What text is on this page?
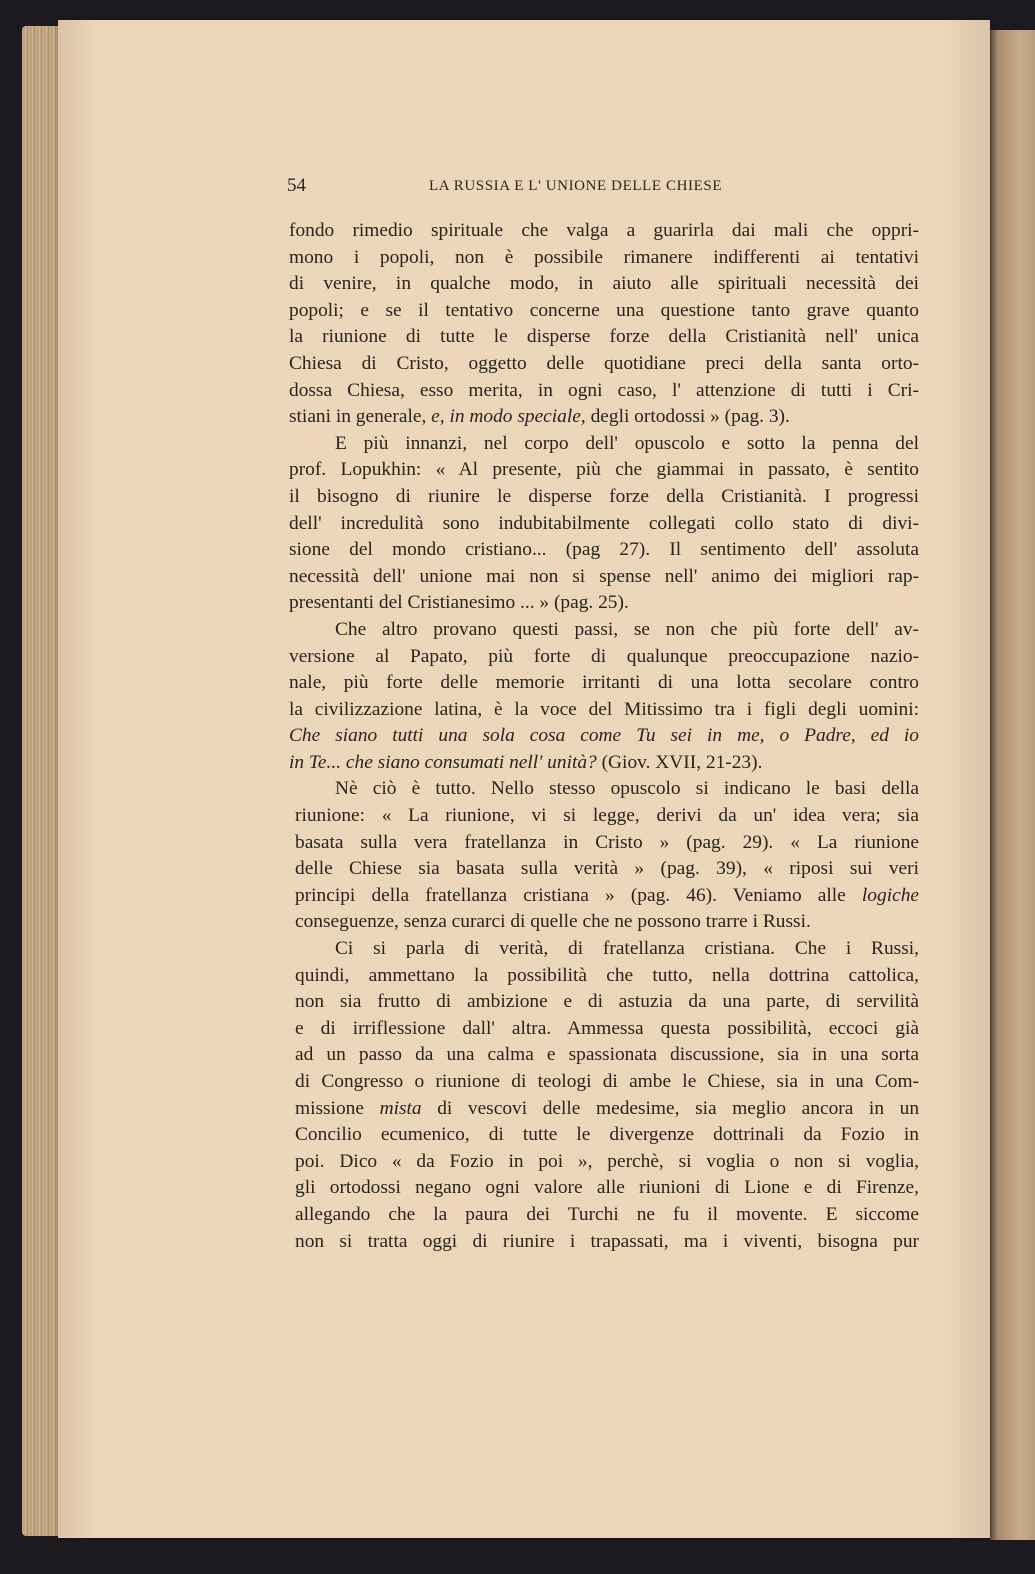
54	LA RUSSIA E L' UNIONE DELLE CHIESE
fondo rimedio spirituale che valga a guarirla dai mali che oppri-
mono i popoli, non è possibile rimanere indifferenti ai tentativi
di venire, in qualche modo, in aiuto alle spirituali necessità dei
popoli; e se il tentativo concerne una questione tanto grave quanto
la riunione di tutte le disperse forze della Cristianità nell' unica
Chiesa di Cristo, oggetto delle quotidiane preci della santa orto-
dossa Chiesa, esso merita, in ogni caso, l' attenzione di tutti i Cri-
stiani in generale, e, in modo speciale, degli ortodossi » (pag. 3).
E più innanzi, nel corpo dell' opuscolo e sotto la penna del
prof. Lopukhin: « Al presente, più che giammai in passato, è sentito
il bisogno di riunire le disperse forze della Cristianità. I progressi
dell' incredulità sono indubitabilmente collegati collo stato di divi-
sione del mondo cristiano... (pag 27). Il sentimento dell' assoluta
necessità dell' unione mai non si spense nell' animo dei migliori rap-
presentanti del Cristianesimo ... » (pag. 25).
Che altro provano questi passi, se non che più forte dell' av-
versione al Papato, più forte di qualunque preoccupazione nazio-
nale, più forte delle memorie irritanti di una lotta secolare contro
la civilizzazione latina, è la voce del Mitissimo tra i figli degli uomini:
Che siano tutti una sola cosa come Tu sei in me, o Padre, ed io
in Te... che siano consumati nell' unità? (Giov. XVII, 21-23).
Nè ciò è tutto. Nello stesso opuscolo si indicano le basi della
riunione: « La riunione, vi si legge, derivi da un' idea vera; sia
basata sulla vera fratellanza in Cristo » (pag. 29). « La riunione
delle Chiese sia basata sulla verità » (pag. 39), « riposi sui veri
principi della fratellanza cristiana » (pag. 46). Veniamo alle logiche
conseguenze, senza curarci di quelle che ne possono trarre i Russi.
Ci si parla di verità, di fratellanza cristiana. Che i Russi,
quindi, ammettano la possibilità che tutto, nella dottrina cattolica,
non sia frutto di ambizione e di astuzia da una parte, di servilità
e di irriflessione dall' altra. Ammessa questa possibilità, eccoci già
ad un passo da una calma e spassionata discussione, sia in una sorta
di Congresso o riunione di teologi di ambe le Chiese, sia in una Com-
missione mista di vescovi delle medesime, sia meglio ancora in un
Concilio ecumenico, di tutte le divergenze dottrinali da Fozio in
poi. Dico « da Fozio in poi », perchè, si voglia o non si voglia,
gli ortodossi negano ogni valore alle riunioni di Lione e di Firenze,
allegando che la paura dei Turchi ne fu il movente. E siccome
non si tratta oggi di riunire i trapassati, ma i viventi, bisogna pur
